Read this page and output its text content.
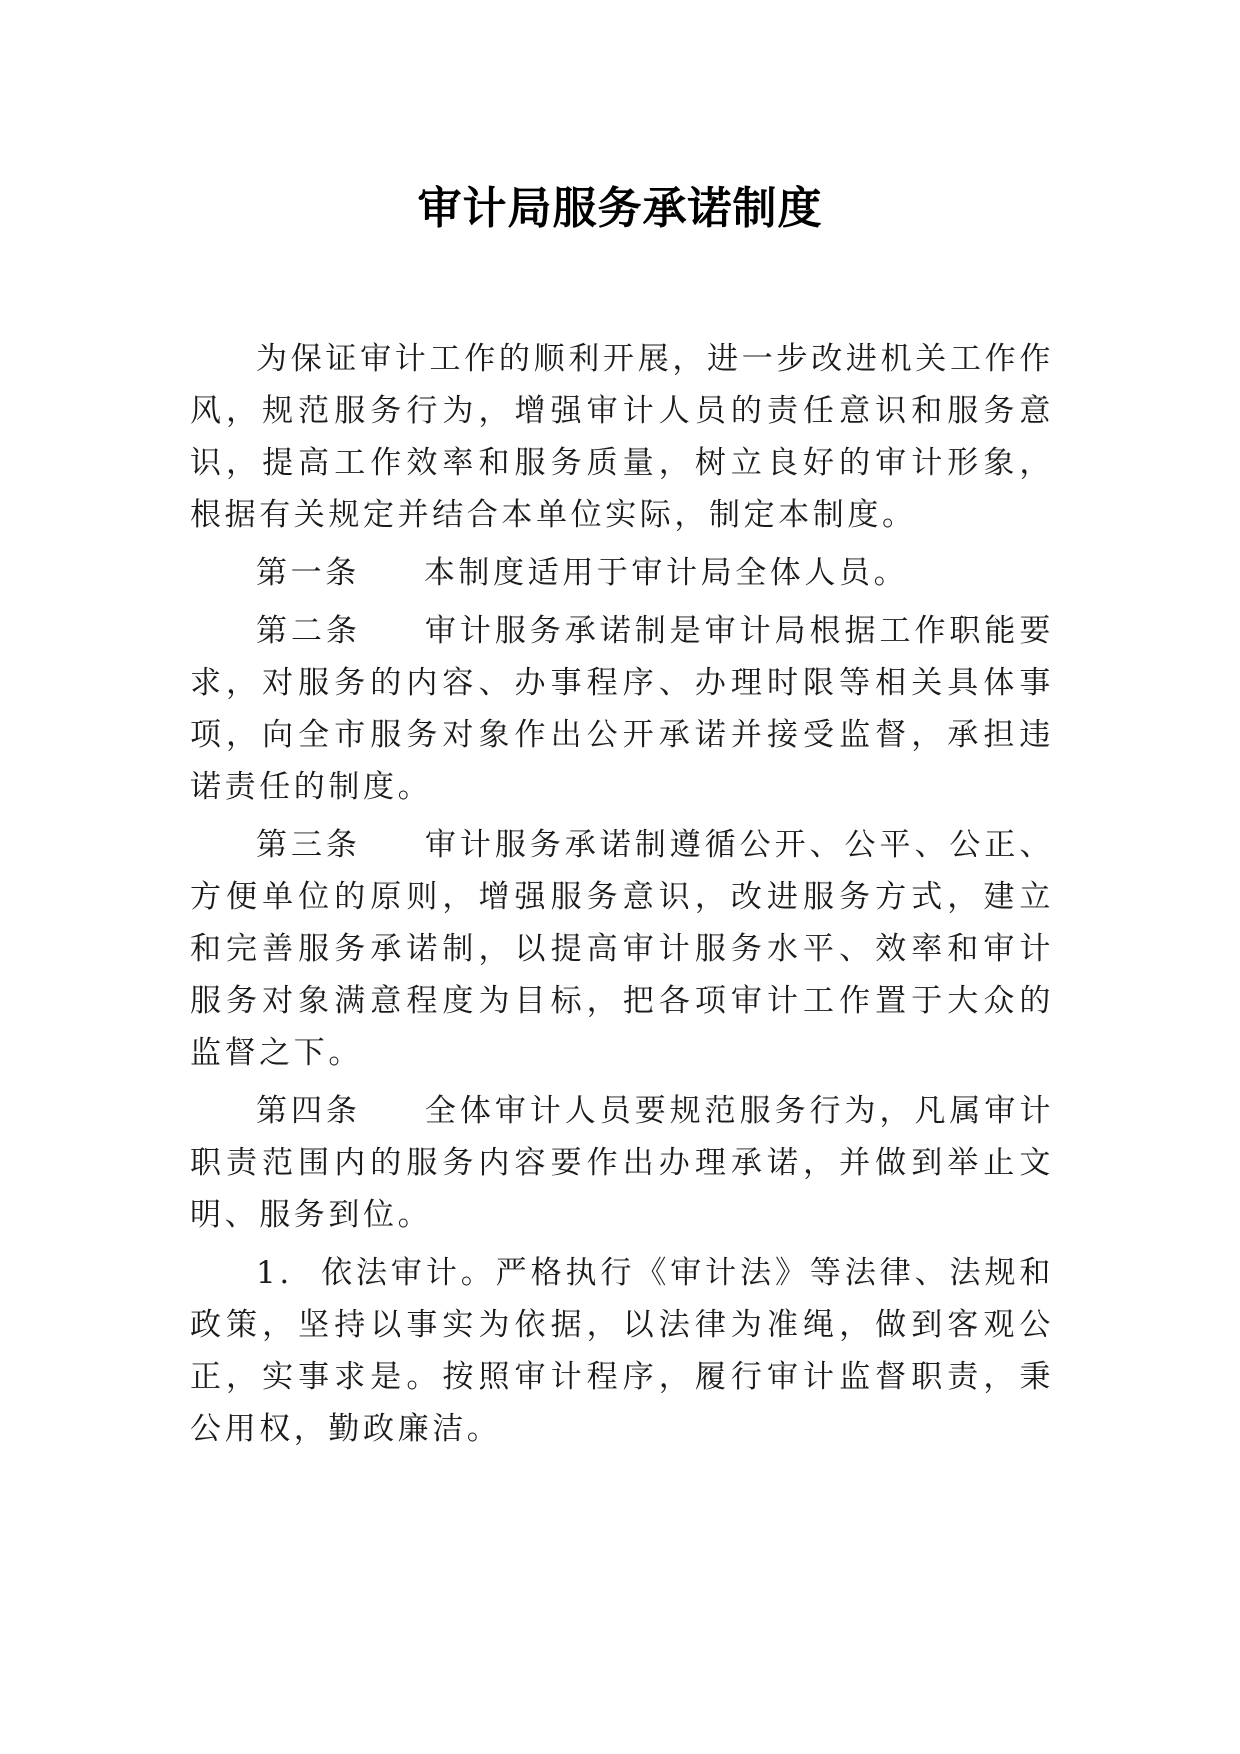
审计局服务承诺制度

为保证审计工作的顺利开展，进一步改进机关工作作风，规范服务行为，增强审计人员的责任意识和服务意识，提高工作效率和服务质量，树立良好的审计形象，根据有关规定并结合本单位实际，制定本制度。

第一条 本制度适用于审计局全体人员。

第二条 审计服务承诺制是审计局根据工作职能要求，对服务的内容、办事程序、办理时限等相关具体事项，向全市服务对象作出公开承诺并接受监督，承担违诺责任的制度。

第三条 审计服务承诺制遵循公开、公平、公正、方便单位的原则，增强服务意识，改进服务方式，建立和完善服务承诺制，以提高审计服务水平、效率和审计服务对象满意程度为目标，把各项审计工作置于大众的监督之下。

第四条 全体审计人员要规范服务行为，凡属审计职责范围内的服务内容要作出办理承诺，并做到举止文明、服务到位。

1. 依法审计。严格执行《审计法》等法律、法规和政策，坚持以事实为依据，以法律为准绳，做到客观公正，实事求是。按照审计程序，履行审计监督职责，秉公用权，勤政廉洁。
